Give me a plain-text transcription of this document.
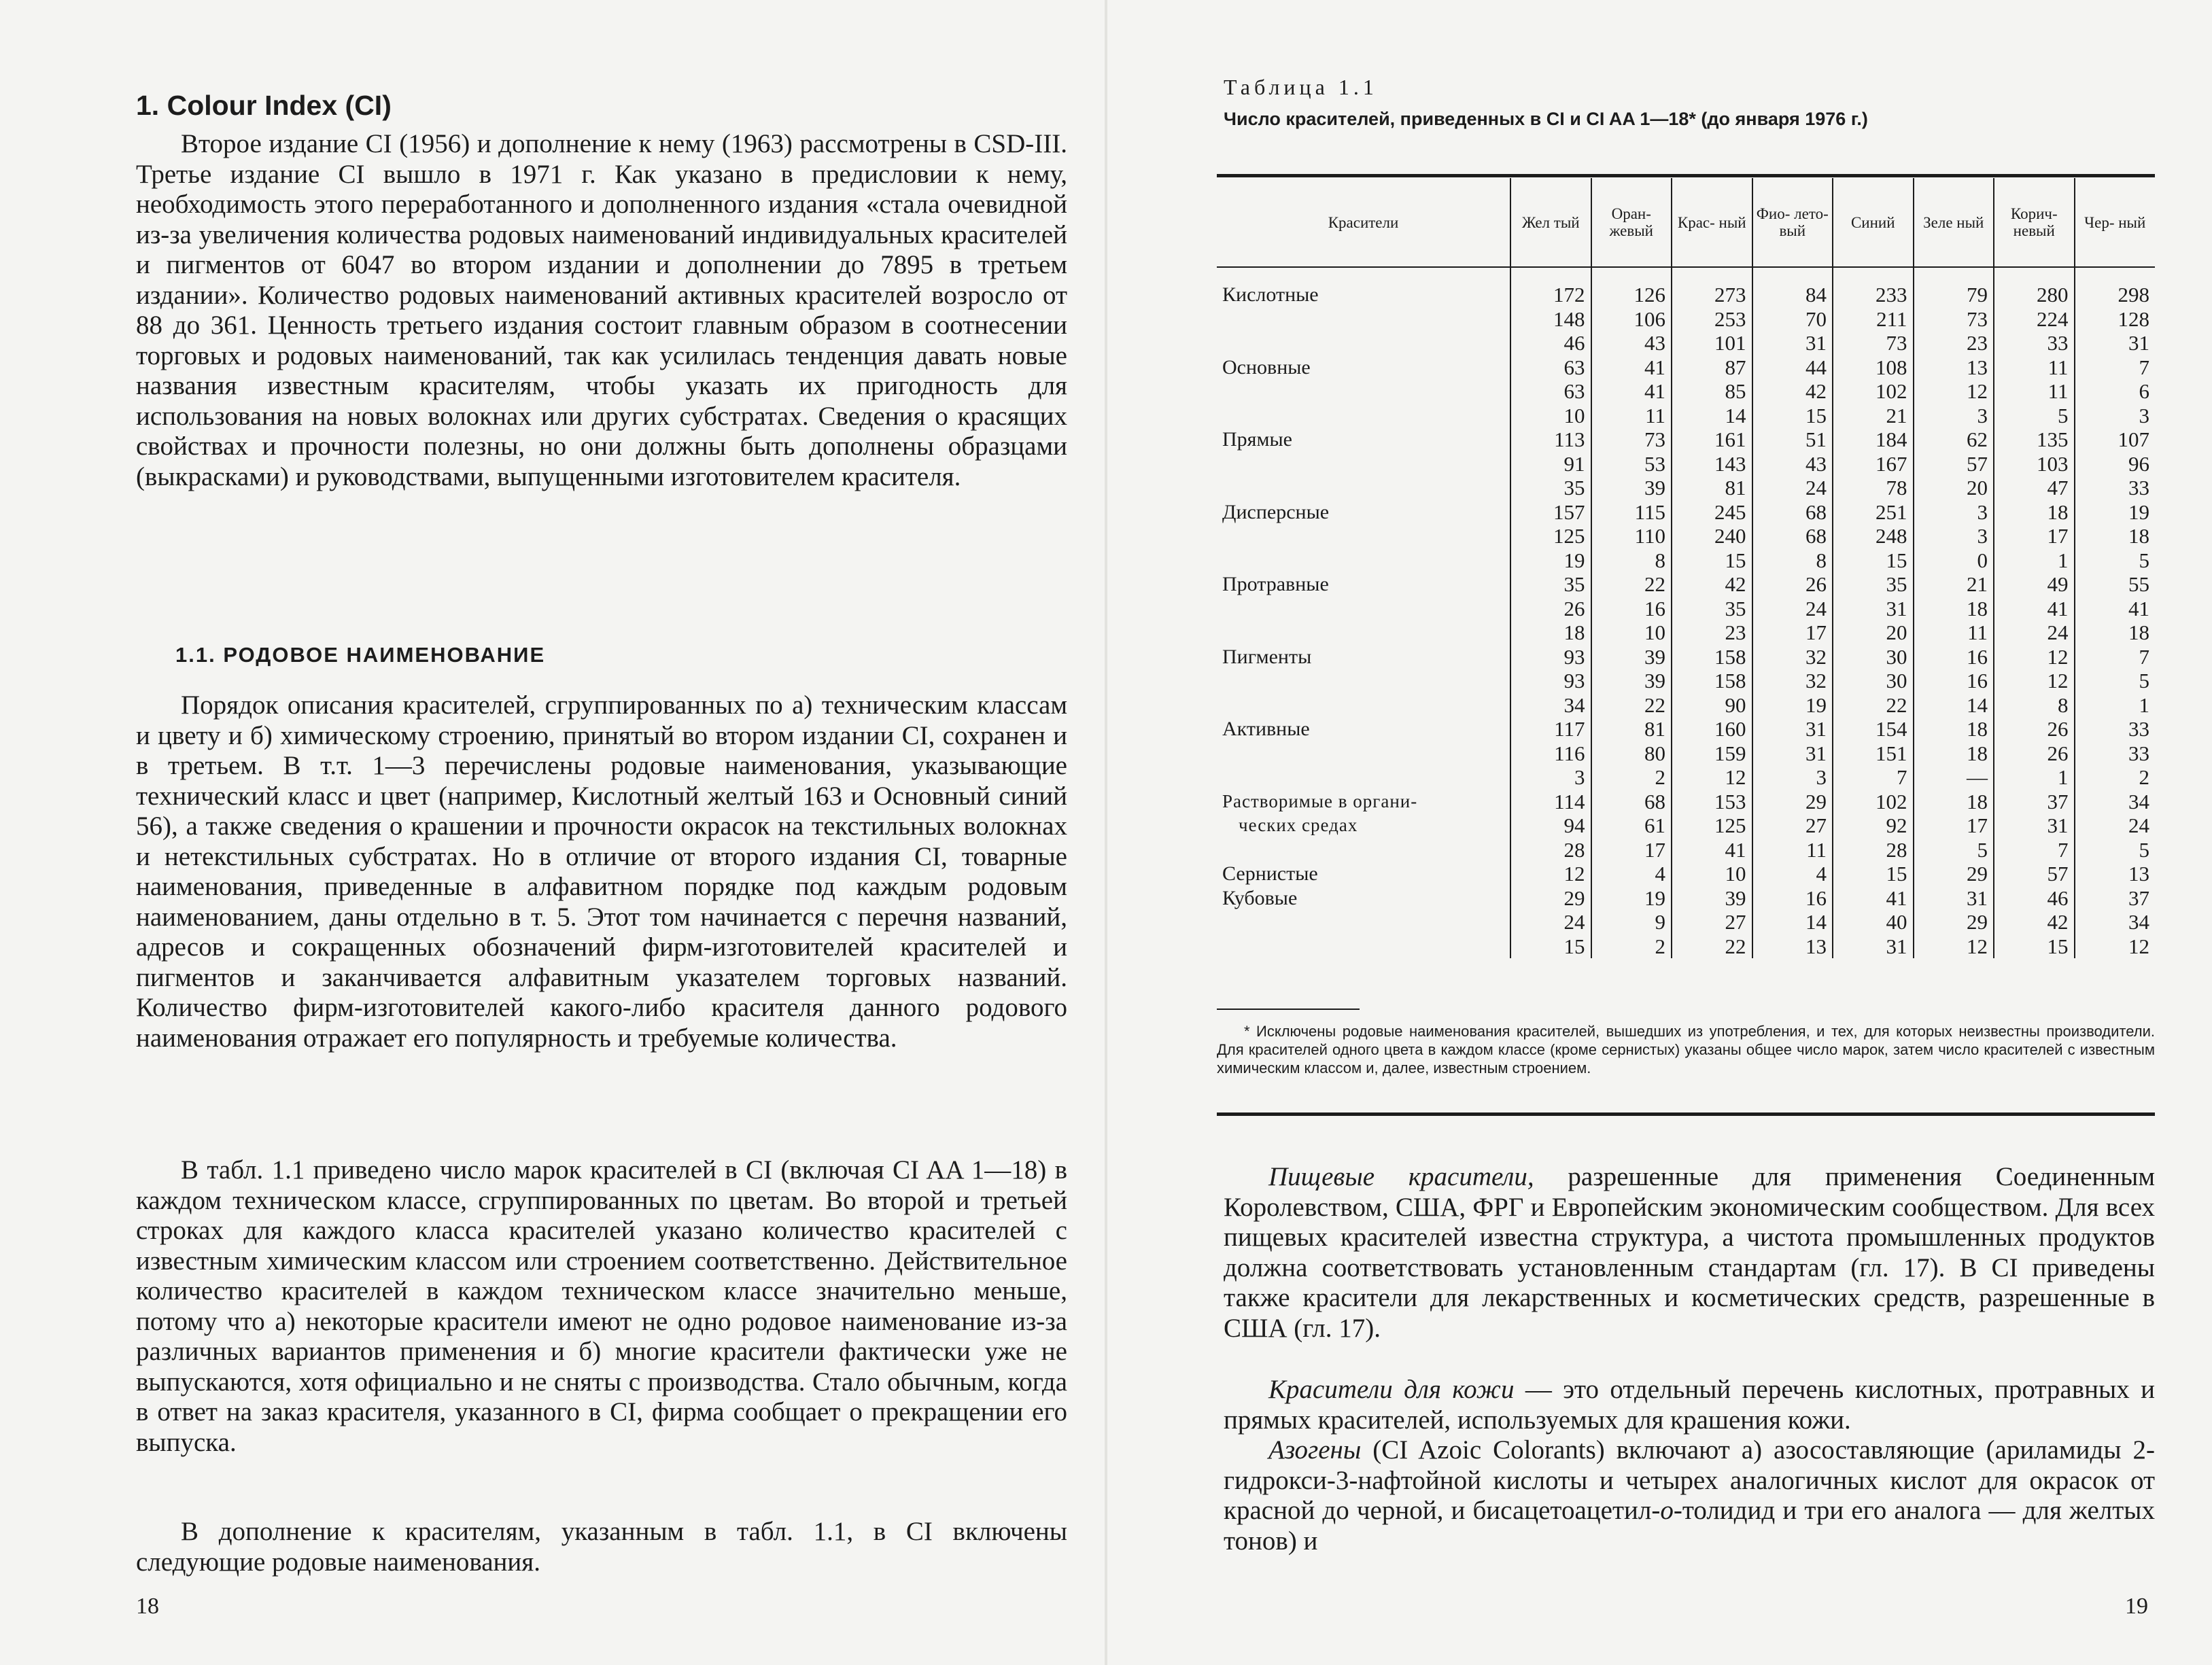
1. Colour Index (CI)

Второе издание CI (1956) и дополнение к нему (1963) рассмотрены в CSD-III. Третье издание CI вышло в 1971 г. Как указано в предисловии к нему, необходимость этого переработанного и дополненного издания «стала очевидной из-за увеличения количества родовых наименований индивидуальных красителей и пигментов от 6047 во втором издании и дополнении до 7895 в третьем издании». Количество родовых наименований активных красителей возросло от 88 до 361. Ценность третьего издания состоит главным образом в соотнесении торговых и родовых наименований, так как усилилась тенденция давать новые названия известным красителям, чтобы указать их пригодность для использования на новых волокнах или других субстратах. Сведения о красящих свойствах и прочности полезны, но они должны быть дополнены образцами (выкрасками) и руководствами, выпущенными изготовителем красителя.

1.1. РОДОВОЕ НАИМЕНОВАНИЕ

Порядок описания красителей, сгруппированных по а) техническим классам и цвету и б) химическому строению, принятый во втором издании CI, сохранен и в третьем. В т.т. 1—3 перечислены родовые наименования, указывающие технический класс и цвет (например, Кислотный желтый 163 и Основный синий 56), а также сведения о крашении и прочности окрасок на текстильных волокнах и нетекстильных субстратах. Но в отличие от второго издания CI, товарные наименования, приведенные в алфавитном порядке под каждым родовым наименованием, даны отдельно в т. 5. Этот том начинается с перечня названий, адресов и сокращенных обозначений фирм-изготовителей красителей и пигментов и заканчивается алфавитным указателем торговых названий. Количество фирм-изготовителей какого-либо красителя данного родового наименования отражает его популярность и требуемые количества.

В табл. 1.1 приведено число марок красителей в CI (включая CI AA 1—18) в каждом техническом классе, сгруппированных по цветам. Во второй и третьей строках для каждого класса красителей указано количество красителей с известным химическим классом или строением соответственно. Действительное количество красителей в каждом техническом классе значительно меньше, потому что а) некоторые красители имеют не одно родовое наименование из-за различных вариантов применения и б) многие красители фактически уже не выпускаются, хотя официально и не сняты с производства. Стало обычным, когда в ответ на заказ красителя, указанного в CI, фирма сообщает о прекращении его выпуска.

В дополнение к красителям, указанным в табл. 1.1, в CI включены следующие родовые наименования.

18

Таблица 1.1

Число красителей, приведенных в CI и CI AA 1—18* (до января 1976 г.)

Красители	Жел тый	Оран- жевый	Крас- ный	Фио- лето- вый	Синий	Зеле ный	Корич- невый	Чер- ный
Кислотные	172	126	273	84	233	79	280	298
	148	106	253	70	211	73	224	128
	46	43	101	31	73	23	33	31
Основные	63	41	87	44	108	13	11	7
	63	41	85	42	102	12	11	6
	10	11	14	15	21	3	5	3
Прямые	113	73	161	51	184	62	135	107
	91	53	143	43	167	57	103	96
	35	39	81	24	78	20	47	33
Дисперсные	157	115	245	68	251	3	18	19
	125	110	240	68	248	3	17	18
	19	8	15	8	15	0	1	5
Протравные	35	22	42	26	35	21	49	55
	26	16	35	24	31	18	41	41
	18	10	23	17	20	11	24	18
Пигменты	93	39	158	32	30	16	12	7
	93	39	158	32	30	16	12	5
	34	22	90	19	22	14	8	1
Активные	117	81	160	31	154	18	26	33
	116	80	159	31	151	18	26	33
	3	2	12	3	7	—	1	2
Растворимые в органи-	114	68	153	29	102	18	37	34
ческих средах	94	61	125	27	92	17	31	24
	28	17	41	11	28	5	7	5
Сернистые	12	4	10	4	15	29	57	13
Кубовые	29	19	39	16	41	31	46	37
	24	9	27	14	40	29	42	34
	15	2	22	13	31	12	15	12

* Исключены родовые наименования красителей, вышедших из употребления, и тех, для которых неизвестны производители. Для красителей одного цвета в каждом классе (кроме сернистых) указаны общее число марок, затем число красителей с известным химическим классом и, далее, известным строением.

Пищевые красители, разрешенные для применения Соединенным Королевством, США, ФРГ и Европейским экономическим сообществом. Для всех пищевых красителей известна структура, а чистота промышленных продуктов должна соответствовать установленным стандартам (гл. 17). В CI приведены также красители для лекарственных и косметических средств, разрешенные в США (гл. 17).

Красители для кожи — это отдельный перечень кислотных, протравных и прямых красителей, используемых для крашения кожи.

Азогены (CI Azoic Colorants) включают а) азосоставляющие (ариламиды 2-гидрокси-3-нафтойной кислоты и четырех аналогичных кислот для окрасок от красной до черной, и бисацетоацетил-о-толидид и три его аналога — для желтых тонов) и

19
